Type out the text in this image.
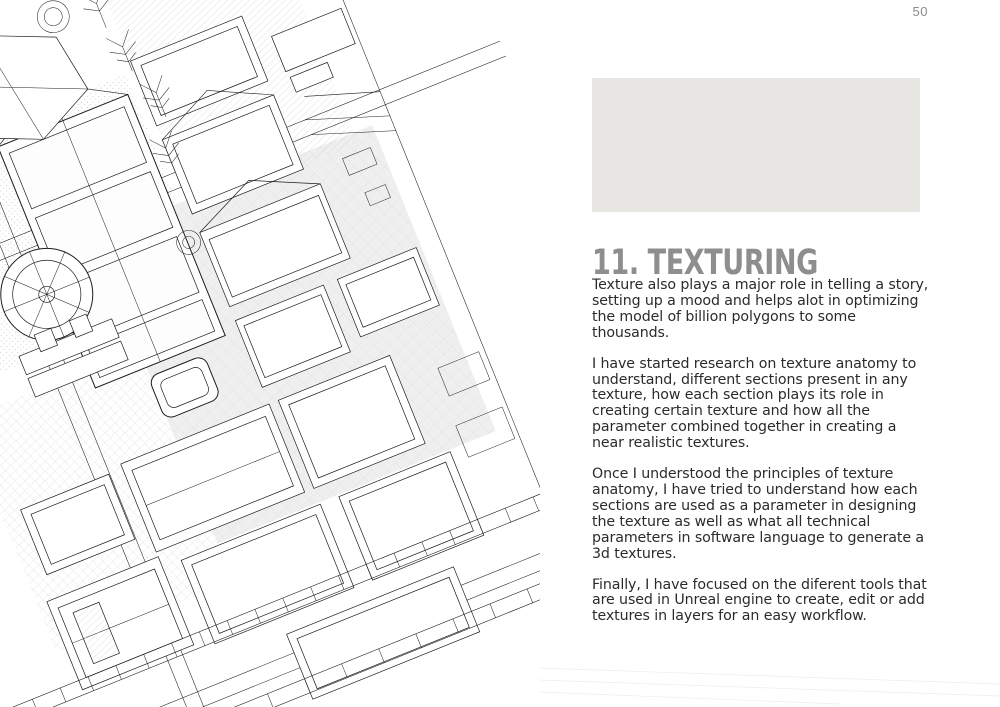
50
11. TEXTURING

Texture also plays a major role in telling a story, setting up a mood and helps alot in optimizing the model of billion polygons to some thousands.

I have started research on texture anatomy to understand, different sections present in any texture, how each section plays its role in creating certain texture and how all the parameter combined together in creating a near realistic textures.

Once I understood the principles of texture anatomy, I have tried to understand how each sections are used as a parameter in designing the texture as well as what all technical parameters in software language to generate a 3d textures.

Finally, I have focused on the diferent tools that are used in Unreal engine to create, edit or add textures in layers for an easy workflow.
